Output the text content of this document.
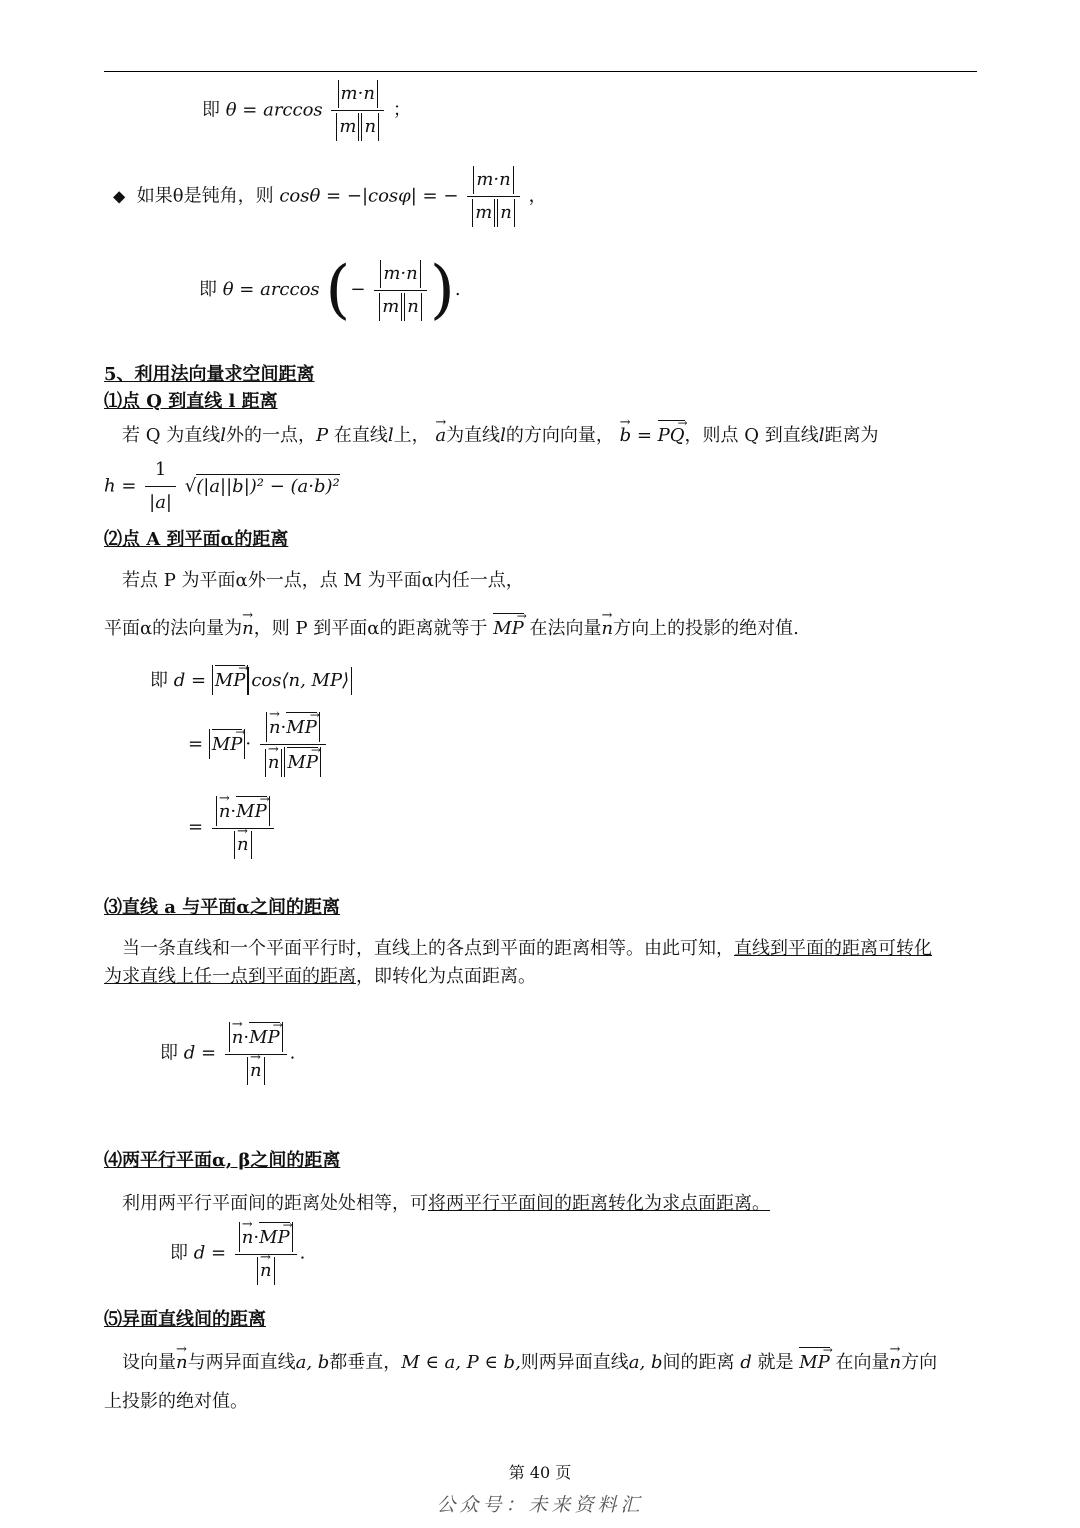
即 $\theta = \arccos \frac{m\cdot n}{\text{m n}}$ ；
◆ 如果θ是钝角，则 cosθ = −|cosφ| = − $\frac{m\cdot n}{\text{m n}}$ ，
即 θ = arccos (− $\frac{m\cdot n}{\text{m n}}$ ).
5、利用法向量求空间距离
⑴点 Q 到直线 l 距离
若 Q 为直线l外的一点，P 在直线l上， → a为直线l的方向向量， → b = PQ →，则点 Q 到直线l距离为
$h = \frac{1}{|a|} √(|a||b|)^2 - (a\cdot b)^2$
⑵点 A 到平面α的距离
若点 P 为平面α外一点，点 M 为平面α内任一点，
平面α的法向量为→ n，则 P 到平面α的距离就等于 MP → 在法向量→ n方向上的投影的绝对值.
即 d = MP → cos⟨n, MP⟩
= MP → · → n·MP →
→ n MP →
= → n·MP →
→ n
⑶直线 a 与平面α之间的距离
当一条直线和一个平面平行时，直线上的各点到平面的距离相等。由此可知，直线到平面的距离可转化
为求直线上任一点到平面的距离，即转化为点面距离。
即 d = → n·MP →
→ n .
⑷两平行平面α, β之间的距离
利用两平行平面间的距离处处相等，可将两平行平面间的距离转化为求点面距离。
即 d = → n·MP →
→ n .
⑸异面直线间的距离
设向量→ n与两异面直线a, b都垂直，M ∈ a, P ∈ b,则两异面直线a, b间的距离 d 就是 MP → 在向量→ n方向
上投影的绝对值。
第 40 页
公众号：未来资料汇
